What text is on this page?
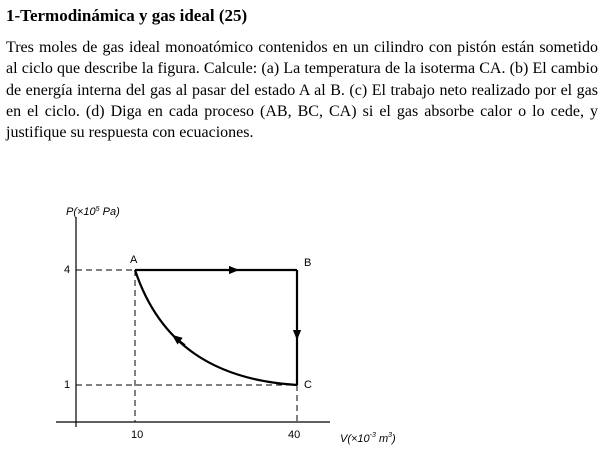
1-Termodinámica y gas ideal (25)
Tres moles de gas ideal monoatómico contenidos en un cilindro con pistón están sometido al ciclo que describe la figura. Calcule: (a) La temperatura de la isoterma CA. (b) El cambio de energía interna del gas al pasar del estado A al B. (c) El trabajo neto realizado por el gas en el ciclo. (d) Diga en cada proceso (AB, BC, CA) si el gas absorbe calor o lo cede, y justifique su respuesta con ecuaciones.
$P(\times 10^5$ Pa)
$V(\times 10^{-3}$ $m^3$)
4
1
10	40
A	B
C
